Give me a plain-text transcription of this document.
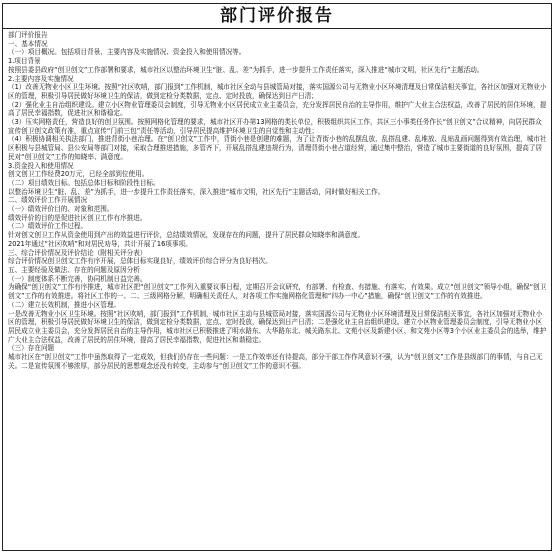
部门评价报告
部门评价报告
一、基本情况
（一）项目概况。包括项目背景、主要内容及实施情况、资金投入和使用情况等。
1.项目背景
按照县委县政府“创卫创文”工作部署和要求，城市社区以整治环境卫生“脏、乱、差”为抓手，进一步提升工作责任落实，深入推进“城市文明，社区先行”主题活动。
2.主要内容及实施情况
（1）改善无物业小区卫生环境。按照“社区吹哨，部门报到”工作机制，城市社区全动与县城管局对接，落实国源公司与无物业小区环境清理及日常保洁相关事宜，各社区加强对无物业小区的管理，积极引导居民做好环境卫生的保洁，做到定检分类数据，定点、定时投放，确保达到日产日清；
（2）强化业主自治组织建设。建立小区物业管理委员会制度，引导无物业小区居民成立业主委员会，充分发挥居民自治的主导作用，维护广大业主合法权益，改善了居民的居住环境，提高了居民幸福指数，促进社区和谐稳定。
（3）压实网格责任，营造良好的创卫氛围。按照网格化管理的要求，城市社区开办第13网格的类长单位，积极组织共区工作，共区三小事类任务作长“创卫创文”合议精神，向居民群众宣传创卫创文政策有准，重点宣传“门前三包”责任等活动，引导居民提高维护环境卫生的自觉性和主动性；
（4）积极协调相关执法部门，推进背街小巷治理。在“创卫创文”工作中，背街小巷是创建的难题，为了让背街小巷的乱摆乱放、乱搭乱建、乱堆放、乱贴乱画问题得到有效治理，城市社区积极与县城管局、县公安局等部门对接，采取合理推进措施，多管齐下，开展乱搭乱建违规行为，清理背街小巷占道经营，通过集中整治，营造了城市主要街道的良好氛围，提高了居民对“创卫创文”工作的知晓率、满意度。
3.资金投入和使用情况
创文创卫工作经费20万元，已经全部到位使用。
（二）项目绩效目标。包括总体目标和阶段性目标。
以整治环境卫生“脏、乱、差”为抓手，进一步提升工作责任落实，深入推进“城市文明，社区先行”主题活动，同时做好相关工作。
二、绩效评价工作开展情况
（一）绩效评价目的、对象和范围。
绩效评价的目的是促进社区创卫工作有序推进。
（二）绩效评价工作过程。
针对创文创卫工作从资金使用到产出的效益进行评价，总结绩效情况，发现存在的问题，提升了居民群众知晓率和满意度。
2021年通过“社区吹哨”和对居民劝导，共计开展了16项事项。
三、综合评价情况及评价结论（附相关评分表）
综合评价情况创卫创文工作有序开展，总体目标实现良好，绩效评价综合评分为良好档次。
五、主要经验及做法、存在的问题及原因分析
（一）制度体系不断完善，协同机制日益完善。
为确保“创卫创文”工作有序推进，城市社区把“创卫创文”工作列入重要议事日程，定期召开会议研究，有部署、有检查、有措施、有落实、有效果。成立“创卫创文”领导小组，确保“创卫创文”工作的有效推进。将社区工作的一、二、三级网格分解，明确相关责任人，对各项工作实施网格化管理和“四办一中心”措施，确保“创卫创文”工作的有效推进。
（二）建立长效机制，推进小区管理。
一是改善无物业小区卫生环境。按照“社区吹哨，部门报到”工作机制，城市社区主动与县城管局对接，落实国源公司与无物业小区环境清理及日常保洁相关事宜，各社区加强对无物业小区的管理，积极引导居民做好环境卫生的保洁，做到定检分类数据，定点、定时投放，确保达到日产日清；二是强化业主自治组织建设。建立小区物业管理委员会制度，引导无物业小区居民成立业主委员会，充分发挥居民自治的主导作用，城市社区已积极推进了明水路东、大华路东北、城关路东北、文苑小区及新建小区、和文苑小区等3个小区业主委员会的选举，维护广大业主合法权益，改善了居民的居住环境，提高了居民幸福指数，促进社区和谐稳定。
（三）存在问题
城市社区在“创卫创文”工作中虽然取得了一定成效，但我们仍存在一些问题：一是工作效率还有待提高，部分干部工作作风意识不强，认为“创卫创文”工作是县级部门的事情，与自己无关。二是宣传氛围不够浓厚，部分居民的思想观念还没有转变，主动参与“创卫创文”工作的意识不强。
